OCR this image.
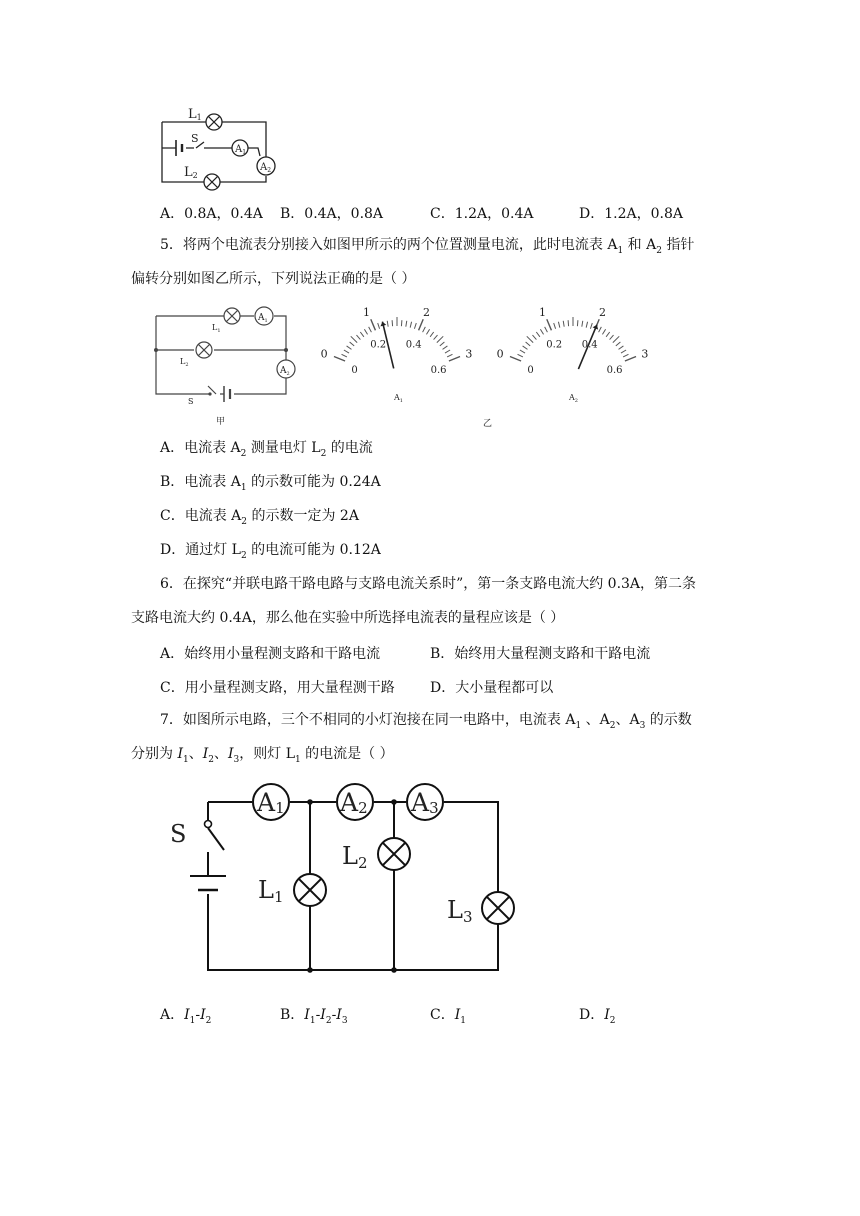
$A_1$
$A_2$
L1
S
L2
A．0.8A，0.4A B．0.4A，0.8A	C．1.2A，0.4A	D．1.2A，0.8A
5．将两个电流表分别接入如图甲所示的两个位置测量电流，此时电流表 $A_1$ 和 $A_2$ 指针
偏转分别如图乙所示，下列说法正确的是（ ）
$A_1$
$A_2$
$L_1$
$L_2$
S
甲
0
1	2
3
0
0.2 0.4
0.6
0
1	2
3
0
0.2 0.4
0.6
$A_1$	$A_2$
乙
A．电流表 $A_2$ 测量电灯 $L_2$ 的电流
B．电流表 $A_1$ 的示数可能为 0.24A
C．电流表 $A_2$ 的示数一定为 2A
D．通过灯 $L_2$ 的电流可能为 0.12A
6．在探究“并联电路干路电路与支路电流关系时”，第一条支路电流大约 0.3A，第二条
支路电流大约 0.4A，那么他在实验中所选择电流表的量程应该是（ ）
A．始终用小量程测支路和干路电流	B．始终用大量程测支路和干路电流
C．用小量程测支路，用大量程测干路	D．大小量程都可以
7．如图所示电路，三个不相同的小灯泡接在同一电路中，电流表 $A_1$ 、$A_2$、$A_3$ 的示数
分别为 $I_1$、$I_2$、$I_3$，则灯 $L_1$ 的电流是（ ）
A1 A2 A3
S
L1
L2
L3
A．$I_1-I_2$	B．$I_1-I_2-I_3$	C．$I_1$	D．$I_2$
